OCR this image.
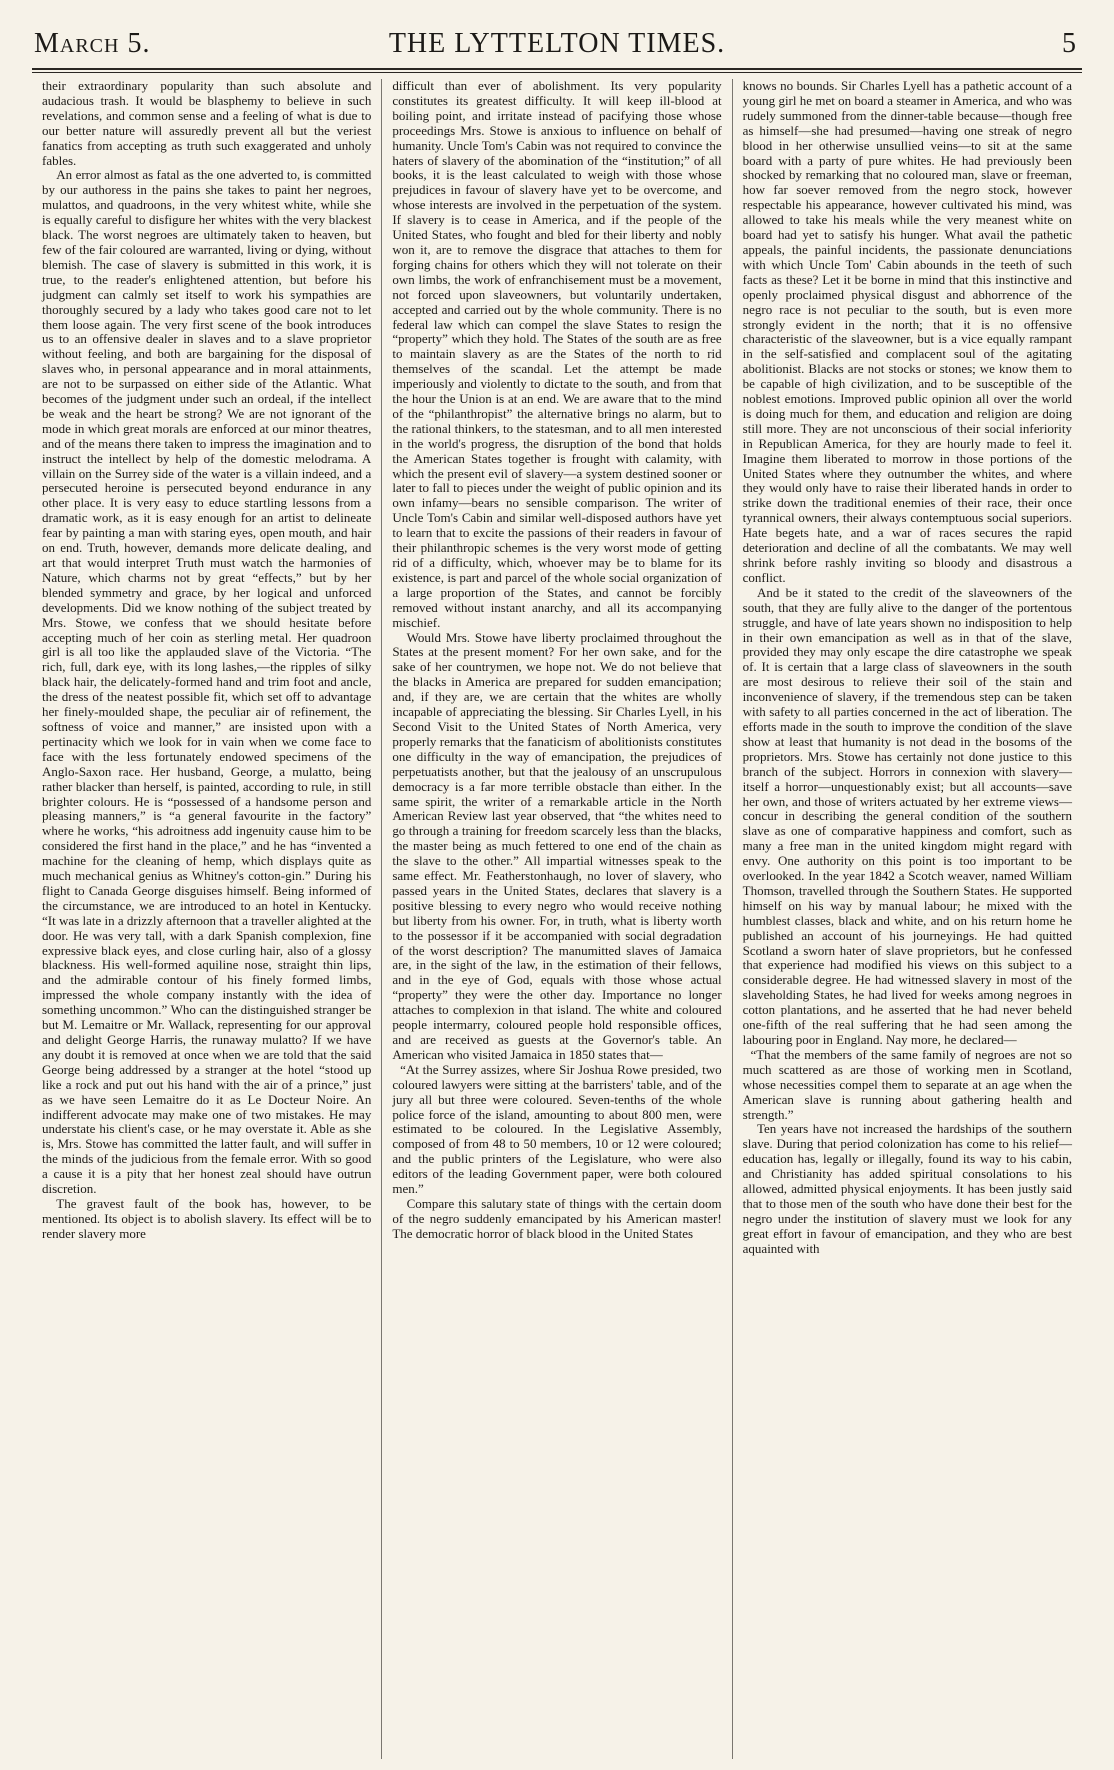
March 5.	THE LYTTELTON TIMES.	5

their extraordinary popularity than such absolute and audacious trash. It would be blasphemy to believe in such revelations, and common sense and a feeling of what is due to our better nature will assuredly prevent all but the veriest fanatics from accepting as truth such exaggerated and unholy fables.

An error almost as fatal as the one adverted to, is committed by our authoress in the pains she takes to paint her negroes, mulattos, and quadroons, in the very whitest white, while she is equally careful to disfigure her whites with the very blackest black. The worst negroes are ultimately taken to heaven, but few of the fair coloured are warranted, living or dying, without blemish. The case of slavery is submitted in this work, it is true, to the reader's enlightened attention, but before his judgment can calmly set itself to work his sympathies are thoroughly secured by a lady who takes good care not to let them loose again. The very first scene of the book introduces us to an offensive dealer in slaves and to a slave proprietor without feeling, and both are bargaining for the disposal of slaves who, in personal appearance and in moral attainments, are not to be surpassed on either side of the Atlantic. What becomes of the judgment under such an ordeal, if the intellect be weak and the heart be strong? We are not ignorant of the mode in which great morals are enforced at our minor theatres, and of the means there taken to impress the imagination and to instruct the intellect by help of the domestic melodrama. A villain on the Surrey side of the water is a villain indeed, and a persecuted heroine is persecuted beyond endurance in any other place. It is very easy to educe startling lessons from a dramatic work, as it is easy enough for an artist to delineate fear by painting a man with staring eyes, open mouth, and hair on end. Truth, however, demands more delicate dealing, and art that would interpret Truth must watch the harmonies of Nature, which charms not by great “effects,” but by her blended symmetry and grace, by her logical and unforced developments. Did we know nothing of the subject treated by Mrs. Stowe, we confess that we should hesitate before accepting much of her coin as sterling metal. Her quadroon girl is all too like the applauded slave of the Victoria. “The rich, full, dark eye, with its long lashes,—the ripples of silky black hair, the delicately-formed hand and trim foot and ancle, the dress of the neatest possible fit, which set off to advantage her finely-moulded shape, the peculiar air of refinement, the softness of voice and manner,” are insisted upon with a pertinacity which we look for in vain when we come face to face with the less fortunately endowed specimens of the Anglo-Saxon race. Her husband, George, a mulatto, being rather blacker than herself, is painted, according to rule, in still brighter colours. He is “possessed of a handsome person and pleasing manners,” is “a general favourite in the factory” where he works, “his adroitness add ingenuity cause him to be considered the first hand in the place,” and he has “invented a machine for the cleaning of hemp, which displays quite as much mechanical genius as Whitney's cotton-gin.” During his flight to Canada George disguises himself. Being informed of the circumstance, we are introduced to an hotel in Kentucky. “It was late in a drizzly afternoon that a traveller alighted at the door. He was very tall, with a dark Spanish complexion, fine expressive black eyes, and close curling hair, also of a glossy blackness. His well-formed aquiline nose, straight thin lips, and the admirable contour of his finely formed limbs, impressed the whole company instantly with the idea of something uncommon.” Who can the distinguished stranger be but M. Lemaitre or Mr. Wallack, representing for our approval and delight George Harris, the runaway mulatto? If we have any doubt it is removed at once when we are told that the said George being addressed by a stranger at the hotel “stood up like a rock and put out his hand with the air of a prince,” just as we have seen Lemaitre do it as Le Docteur Noire. An indifferent advocate may make one of two mistakes. He may understate his client's case, or he may overstate it. Able as she is, Mrs. Stowe has committed the latter fault, and will suffer in the minds of the judicious from the female error. With so good a cause it is a pity that her honest zeal should have outrun discretion.

The gravest fault of the book has, however, to be mentioned. Its object is to abolish slavery. Its effect will be to render slavery more

difficult than ever of abolishment. Its very popularity constitutes its greatest difficulty. It will keep ill-blood at boiling point, and irritate instead of pacifying those whose proceedings Mrs. Stowe is anxious to influence on behalf of humanity. Uncle Tom's Cabin was not required to convince the haters of slavery of the abomination of the “institution;” of all books, it is the least calculated to weigh with those whose prejudices in favour of slavery have yet to be overcome, and whose interests are involved in the perpetuation of the system. If slavery is to cease in America, and if the people of the United States, who fought and bled for their liberty and nobly won it, are to remove the disgrace that attaches to them for forging chains for others which they will not tolerate on their own limbs, the work of enfranchisement must be a movement, not forced upon slaveowners, but voluntarily undertaken, accepted and carried out by the whole community. There is no federal law which can compel the slave States to resign the “property” which they hold. The States of the south are as free to maintain slavery as are the States of the north to rid themselves of the scandal. Let the attempt be made imperiously and violently to dictate to the south, and from that the hour the Union is at an end. We are aware that to the mind of the “philanthropist” the alternative brings no alarm, but to the rational thinkers, to the statesman, and to all men interested in the world's progress, the disruption of the bond that holds the American States together is frought with calamity, with which the present evil of slavery—a system destined sooner or later to fall to pieces under the weight of public opinion and its own infamy—bears no sensible comparison. The writer of Uncle Tom's Cabin and similar well-disposed authors have yet to learn that to excite the passions of their readers in favour of their philanthropic schemes is the very worst mode of getting rid of a difficulty, which, whoever may be to blame for its existence, is part and parcel of the whole social organization of a large proportion of the States, and cannot be forcibly removed without instant anarchy, and all its accompanying mischief.

Would Mrs. Stowe have liberty proclaimed throughout the States at the present moment? For her own sake, and for the sake of her countrymen, we hope not. We do not believe that the blacks in America are prepared for sudden emancipation; and, if they are, we are certain that the whites are wholly incapable of appreciating the blessing. Sir Charles Lyell, in his Second Visit to the United States of North America, very properly remarks that the fanaticism of abolitionists constitutes one difficulty in the way of emancipation, the prejudices of perpetuatists another, but that the jealousy of an unscrupulous democracy is a far more terrible obstacle than either. In the same spirit, the writer of a remarkable article in the North American Review last year observed, that “the whites need to go through a training for freedom scarcely less than the blacks, the master being as much fettered to one end of the chain as the slave to the other.” All impartial witnesses speak to the same effect. Mr. Featherstonhaugh, no lover of slavery, who passed years in the United States, declares that slavery is a positive blessing to every negro who would receive nothing but liberty from his owner. For, in truth, what is liberty worth to the possessor if it be accompanied with social degradation of the worst description? The manumitted slaves of Jamaica are, in the sight of the law, in the estimation of their fellows, and in the eye of God, equals with those whose actual “property” they were the other day. Importance no longer attaches to complexion in that island. The white and coloured people intermarry, coloured people hold responsible offices, and are received as guests at the Governor's table. An American who visited Jamaica in 1850 states that—

“At the Surrey assizes, where Sir Joshua Rowe presided, two coloured lawyers were sitting at the barristers' table, and of the jury all but three were coloured. Seven-tenths of the whole police force of the island, amounting to about 800 men, were estimated to be coloured. In the Legislative Assembly, composed of from 48 to 50 members, 10 or 12 were coloured; and the public printers of the Legislature, who were also editors of the leading Government paper, were both coloured men.”

Compare this salutary state of things with the certain doom of the negro suddenly emancipated by his American master! The democratic horror of black blood in the United States

knows no bounds. Sir Charles Lyell has a pathetic account of a young girl he met on board a steamer in America, and who was rudely summoned from the dinner-table because—though free as himself—she had presumed—having one streak of negro blood in her otherwise unsullied veins—to sit at the same board with a party of pure whites. He had previously been shocked by remarking that no coloured man, slave or freeman, how far soever removed from the negro stock, however respectable his appearance, however cultivated his mind, was allowed to take his meals while the very meanest white on board had yet to satisfy his hunger. What avail the pathetic appeals, the painful incidents, the passionate denunciations with which Uncle Tom' Cabin abounds in the teeth of such facts as these? Let it be borne in mind that this instinctive and openly proclaimed physical disgust and abhorrence of the negro race is not peculiar to the south, but is even more strongly evident in the north; that it is no offensive characteristic of the slaveowner, but is a vice equally rampant in the self-satisfied and complacent soul of the agitating abolitionist. Blacks are not stocks or stones; we know them to be capable of high civilization, and to be susceptible of the noblest emotions. Improved public opinion all over the world is doing much for them, and education and religion are doing still more. They are not unconscious of their social inferiority in Republican America, for they are hourly made to feel it. Imagine them liberated to morrow in those portions of the United States where they outnumber the whites, and where they would only have to raise their liberated hands in order to strike down the traditional enemies of their race, their once tyrannical owners, their always contemptuous social superiors. Hate begets hate, and a war of races secures the rapid deterioration and decline of all the combatants. We may well shrink before rashly inviting so bloody and disastrous a conflict.

And be it stated to the credit of the slaveowners of the south, that they are fully alive to the danger of the portentous struggle, and have of late years shown no indisposition to help in their own emancipation as well as in that of the slave, provided they may only escape the dire catastrophe we speak of. It is certain that a large class of slaveowners in the south are most desirous to relieve their soil of the stain and inconvenience of slavery, if the tremendous step can be taken with safety to all parties concerned in the act of liberation. The efforts made in the south to improve the condition of the slave show at least that humanity is not dead in the bosoms of the proprietors. Mrs. Stowe has certainly not done justice to this branch of the subject. Horrors in connexion with slavery—itself a horror—unquestionably exist; but all accounts—save her own, and those of writers actuated by her extreme views—concur in describing the general condition of the southern slave as one of comparative happiness and comfort, such as many a free man in the united kingdom might regard with envy. One authority on this point is too important to be overlooked. In the year 1842 a Scotch weaver, named William Thomson, travelled through the Southern States. He supported himself on his way by manual labour; he mixed with the humblest classes, black and white, and on his return home he published an account of his journeyings. He had quitted Scotland a sworn hater of slave proprietors, but he confessed that experience had modified his views on this subject to a considerable degree. He had witnessed slavery in most of the slaveholding States, he had lived for weeks among negroes in cotton plantations, and he asserted that he had never beheld one-fifth of the real suffering that he had seen among the labouring poor in England. Nay more, he declared—

“That the members of the same family of negroes are not so much scattered as are those of working men in Scotland, whose necessities compel them to separate at an age when the American slave is running about gathering health and strength.”

Ten years have not increased the hardships of the southern slave. During that period colonization has come to his relief—education has, legally or illegally, found its way to his cabin, and Christianity has added spiritual consolations to his allowed, admitted physical enjoyments. It has been justly said that to those men of the south who have done their best for the negro under the institution of slavery must we look for any great effort in favour of emancipation, and they who are best aquainted with
